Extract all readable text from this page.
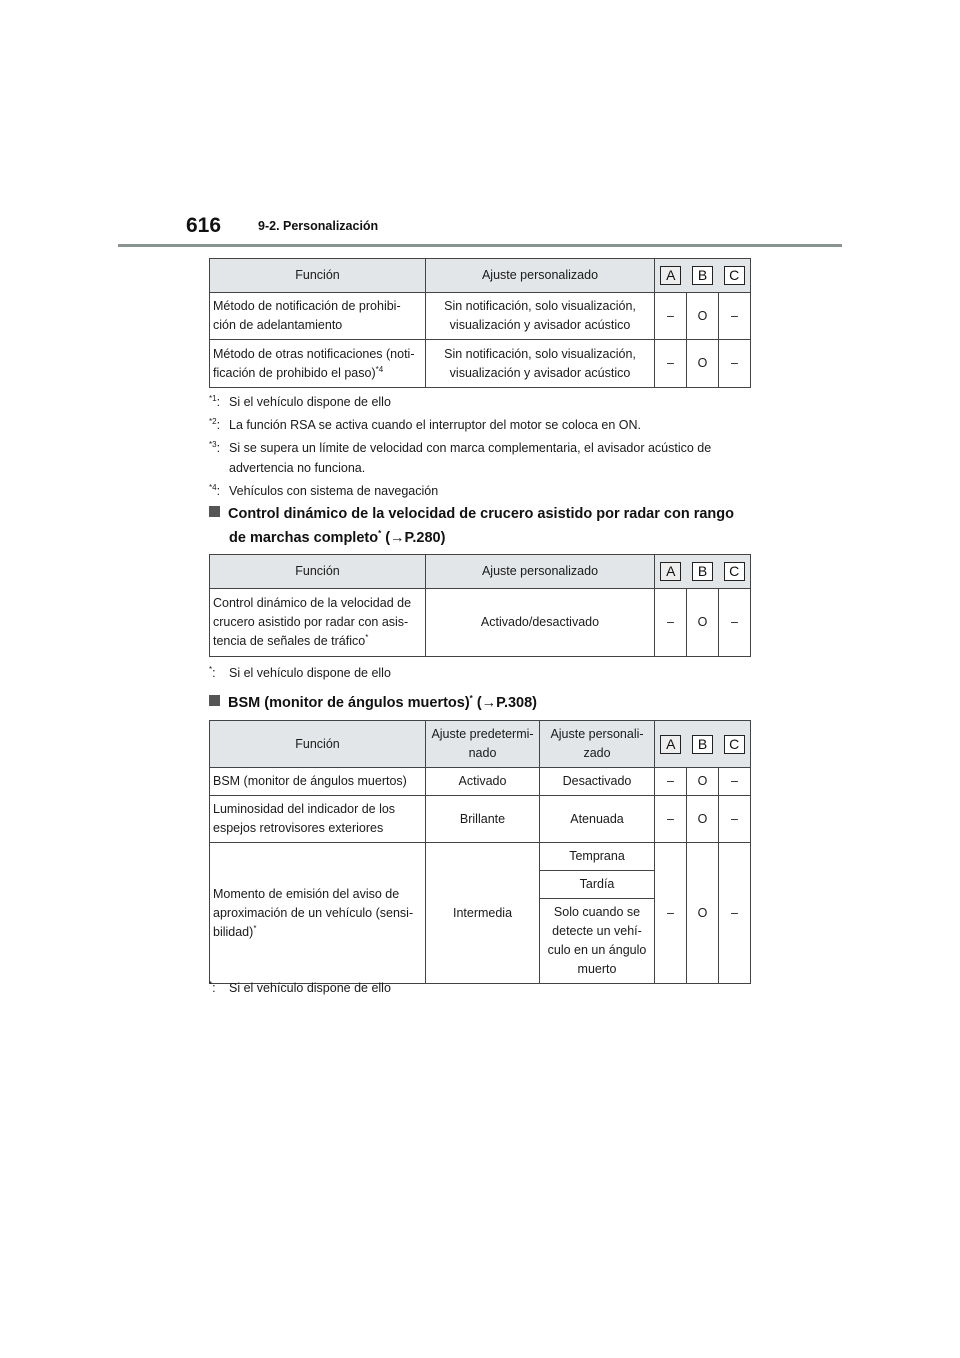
616	9-2. Personalización
Función	Ajuste personalizado	A B C		

Método de notificación de prohibi-ción de adelantamiento	Sin notificación, solo visualización, visualización y avisador acústico	–	O	–
Método de otras notificaciones (noti-ficación de prohibido el paso)$^{*4}$	Sin notificación, solo visualización, visualización y avisador acústico	–	O	–
$^{*1}$: Si el vehículo dispone de ello
$^{*2}$: La función RSA se activa cuando el interruptor del motor se coloca en ON.
$^{*3}$: Si se supera un límite de velocidad con marca complementaria, el avisador acústico de advertencia no funciona.
$^{*4}$: Vehículos con sistema de navegación
Control dinámico de la velocidad de crucero asistido por radar con rango
de marchas completo* (→P.280)
Función	Ajuste personalizado	A B C		

Control dinámico de la velocidad de crucero asistido por radar con asis-tencia de señales de tráfico*	Activado/desactivado	–	O	–
*:	Si el vehículo dispone de ello
BSM (monitor de ángulos muertos)* (→P.308)
Función	Ajuste predetermi-nado	Ajuste personali-zado	A B C		

BSM (monitor de ángulos muertos)	Activado	Desactivado	–	O	–
Luminosidad del indicador de los espejos retrovisores exteriores	Brillante	Atenuada	–	O	–
Momento de emisión del aviso de aproximación de un vehículo (sensi-bilidad)*	Intermedia	Temprana	–	O	–
		Tardía			
		Solo cuando se detecte un vehí-culo en un ángulo muerto			
*:	Si el vehículo dispone de ello
